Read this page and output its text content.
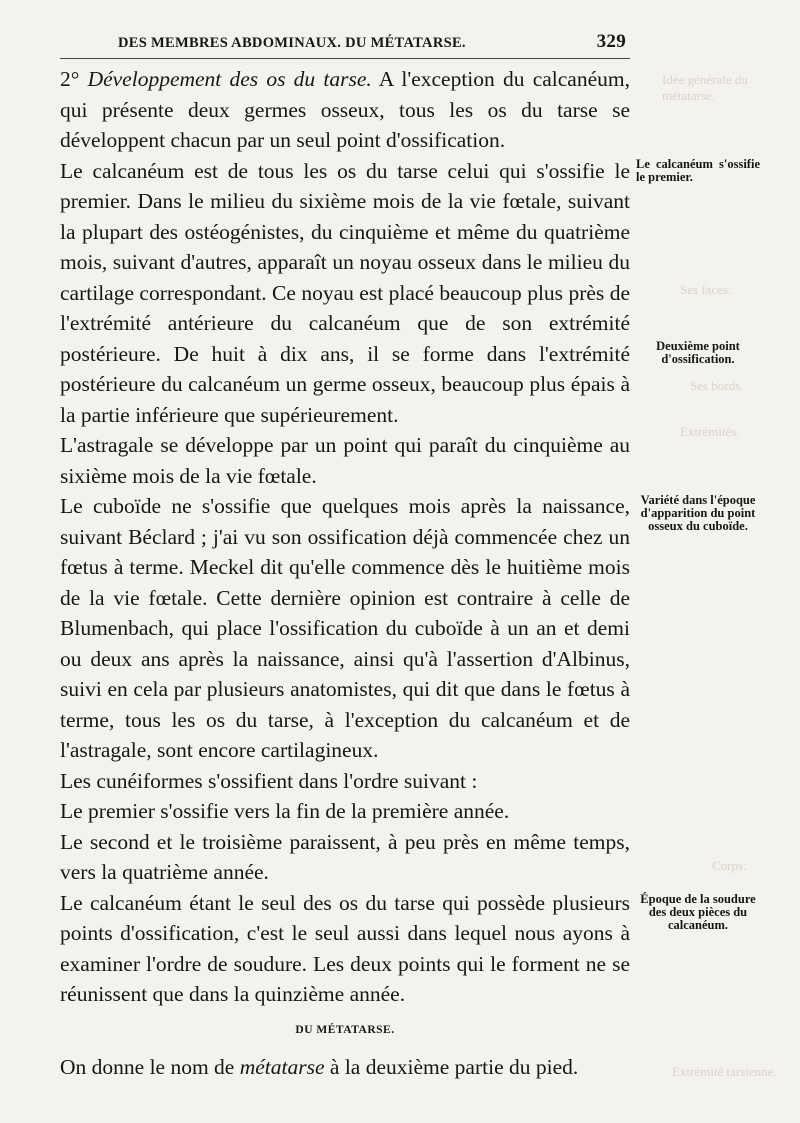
DES MEMBRES ABDOMINAUX. DU MÉTATARSE.	329
Idée générale du métatarse.
Ses faces.
Ses bords.
Extrémités.
Corps.
Extrémité tarsienne.

2° Développement des os du tarse. A l'exception du calcanéum, qui présente deux germes osseux, tous les os du tarse se développent chacun par un seul point d'ossification.

Le calcanéum est de tous les os du tarse celui qui s'ossifie le premier. Dans le milieu du sixième mois de la vie fœtale, suivant la plupart des ostéogénistes, du cinquième et même du quatrième mois, suivant d'autres, apparaît un noyau osseux dans le milieu du cartilage correspondant. Ce noyau est placé beaucoup plus près de l'extrémité antérieure du calcanéum que de son extrémité postérieure. De huit à dix ans, il se forme dans l'extrémité postérieure du calcanéum un germe osseux, beaucoup plus épais à la partie inférieure que supérieurement.

L'astragale se développe par un point qui paraît du cinquième au sixième mois de la vie fœtale.

Le cuboïde ne s'ossifie que quelques mois après la naissance, suivant Béclard ; j'ai vu son ossification déjà commencée chez un fœtus à terme. Meckel dit qu'elle commence dès le huitième mois de la vie fœtale. Cette dernière opinion est contraire à celle de Blumenbach, qui place l'ossification du cuboïde à un an et demi ou deux ans après la naissance, ainsi qu'à l'assertion d'Albinus, suivi en cela par plusieurs anatomistes, qui dit que dans le fœtus à terme, tous les os du tarse, à l'exception du calcanéum et de l'astragale, sont encore cartilagineux.

Les cunéiformes s'ossifient dans l'ordre suivant :

Le premier s'ossifie vers la fin de la première année.

Le second et le troisième paraissent, à peu près en même temps, vers la quatrième année.

Le calcanéum étant le seul des os du tarse qui possède plusieurs points d'ossification, c'est le seul aussi dans lequel nous ayons à examiner l'ordre de soudure. Les deux points qui le forment ne se réunissent que dans la quinzième année.

DU MÉTATARSE.

On donne le nom de métatarse à la deuxième partie du pied.

Le calcanéum s'ossifie le premier.
Deuxième point d'ossification.
Variété dans l'époque d'apparition du point osseux du cuboïde.
Époque de la soudure des deux pièces du calcanéum.
